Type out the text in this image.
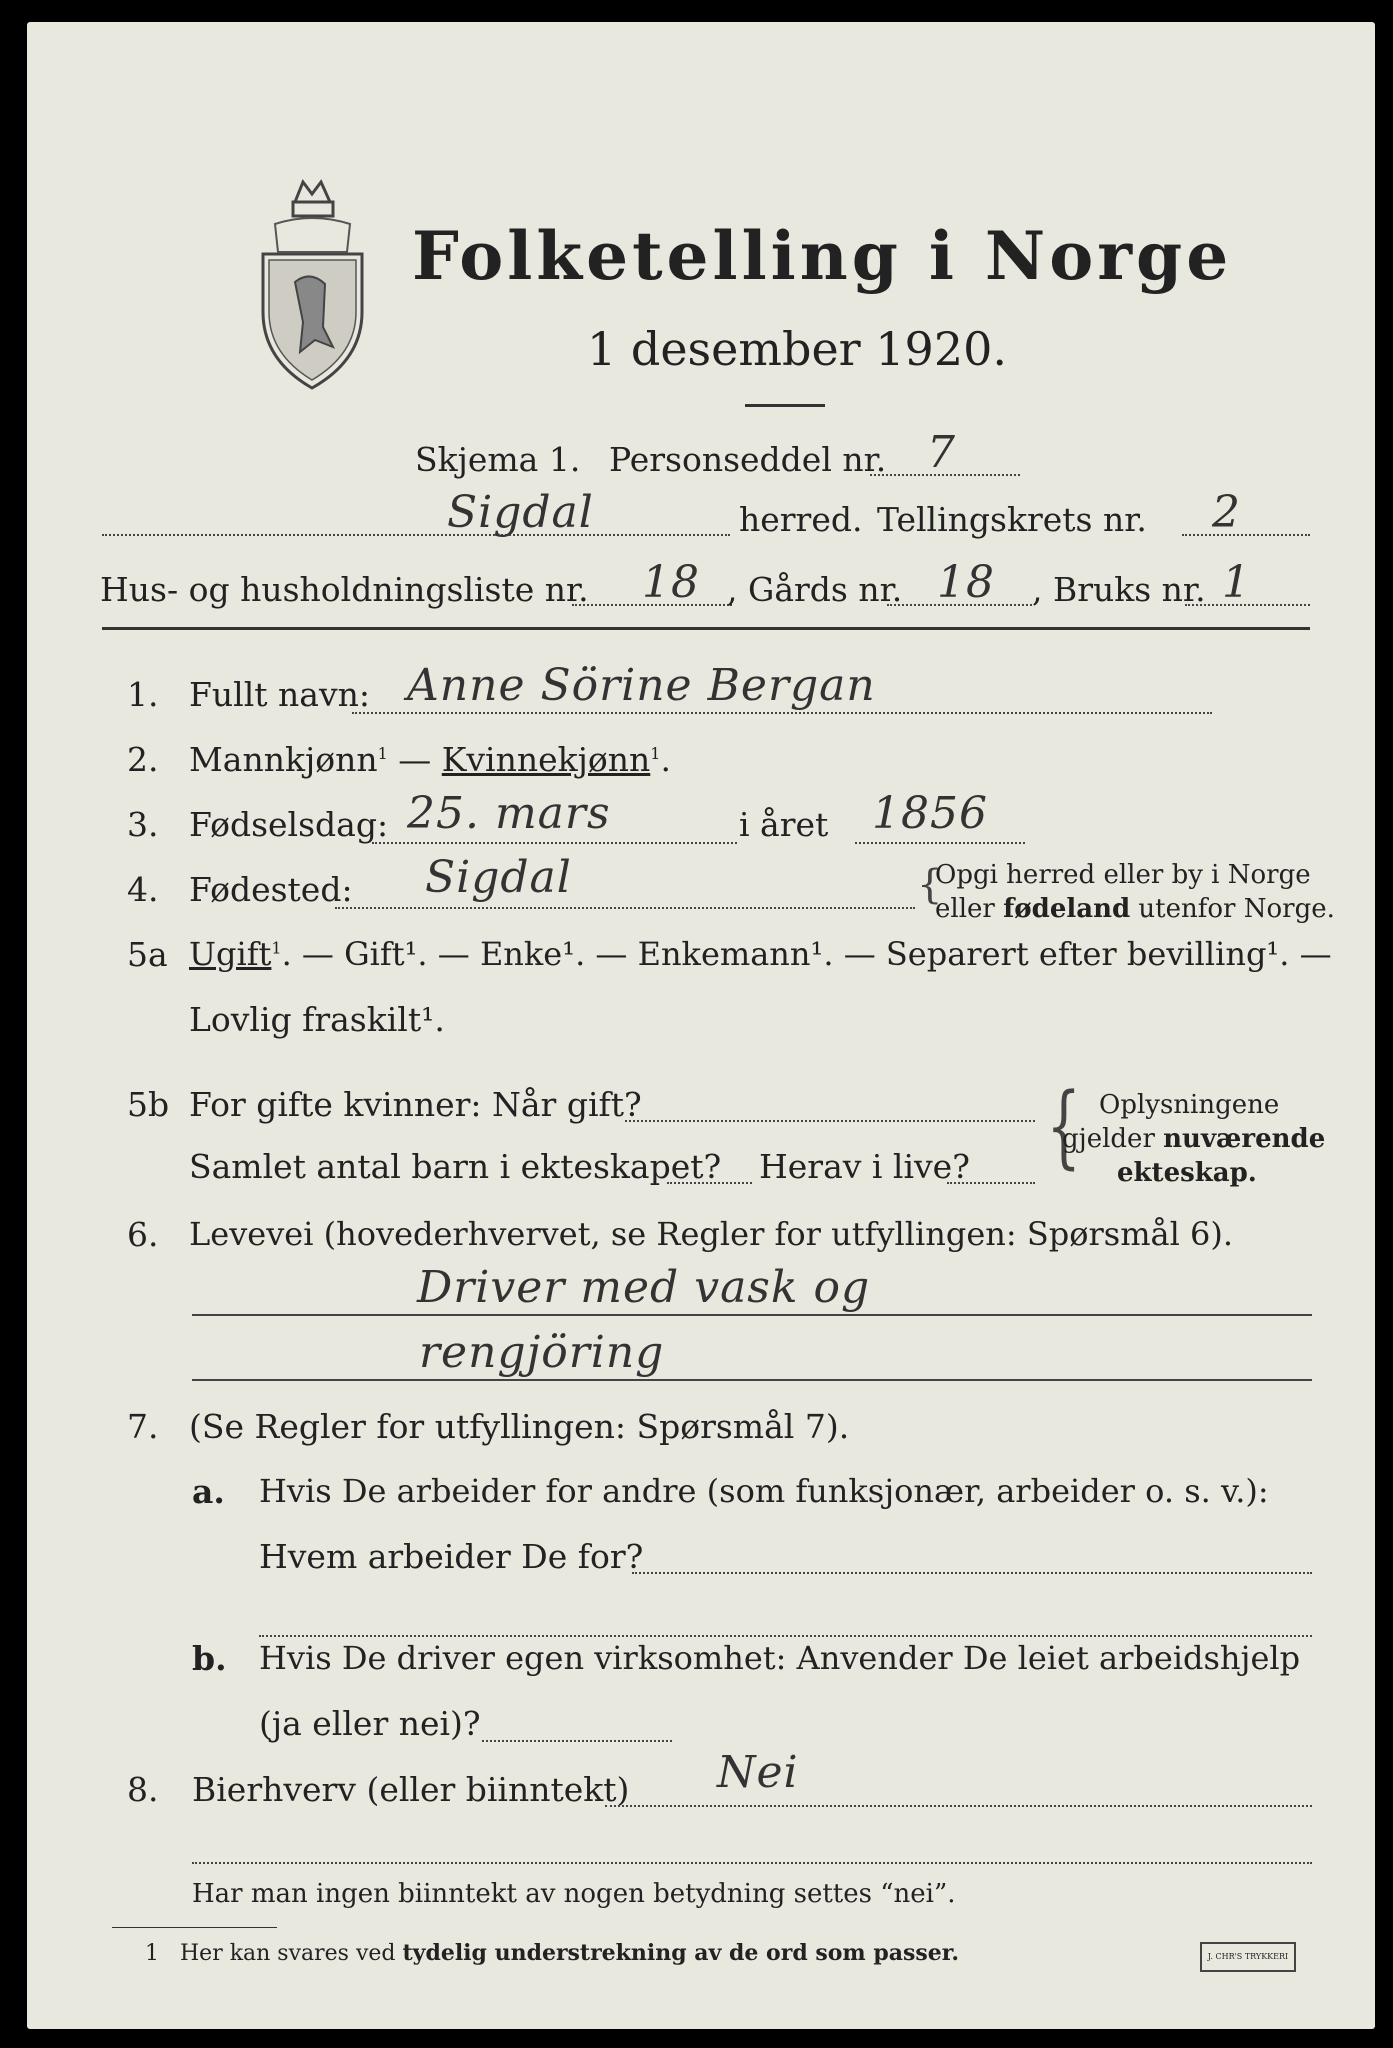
Folketelling i Norge
1 desember 1920.
Skjema 1. Personseddel nr. 7
Sigdal	herred. Tellingskrets nr. 2
Hus- og husholdningsliste nr. 18 , Gårds nr. 18 , Bruks nr. 1
1. Fullt navn: Anne Sörine Bergan
2. Mannkjønn$^1$ — Kvinnekjønn$^1$.
3. Fødselsdag: 25. mars	i året 1856
4. Fødested: Sigdal	{
Opgi herred eller by i Norge
eller fødeland utenfor Norge.
5a Ugift$^1$. — Gift¹. — Enke¹. — Enkemann¹. — Separert efter bevilling¹. —
Lovlig fraskilt¹.
5b For gifte kvinner: Når gift?
Samlet antal barn i ekteskapet? Herav i live? { Oplysningene
gjelder nuværende
ekteskap.
6. Levevei (hovederhvervet, se Regler for utfyllingen: Spørsmål 6).
Driver med vask og
rengjöring
7. (Se Regler for utfyllingen: Spørsmål 7).
a. Hvis De arbeider for andre (som funksjonær, arbeider o. s. v.):
Hvem arbeider De for?
b. Hvis De driver egen virksomhet: Anvender De leiet arbeidshjelp
(ja eller nei)?
8. Bierhverv (eller biinntekt) Nei
Har man ingen biinntekt av nogen betydning settes “nei”.
1 Her kan svares ved tydelig understrekning av de ord som passer.	J. CHR'S TRYKKERI
